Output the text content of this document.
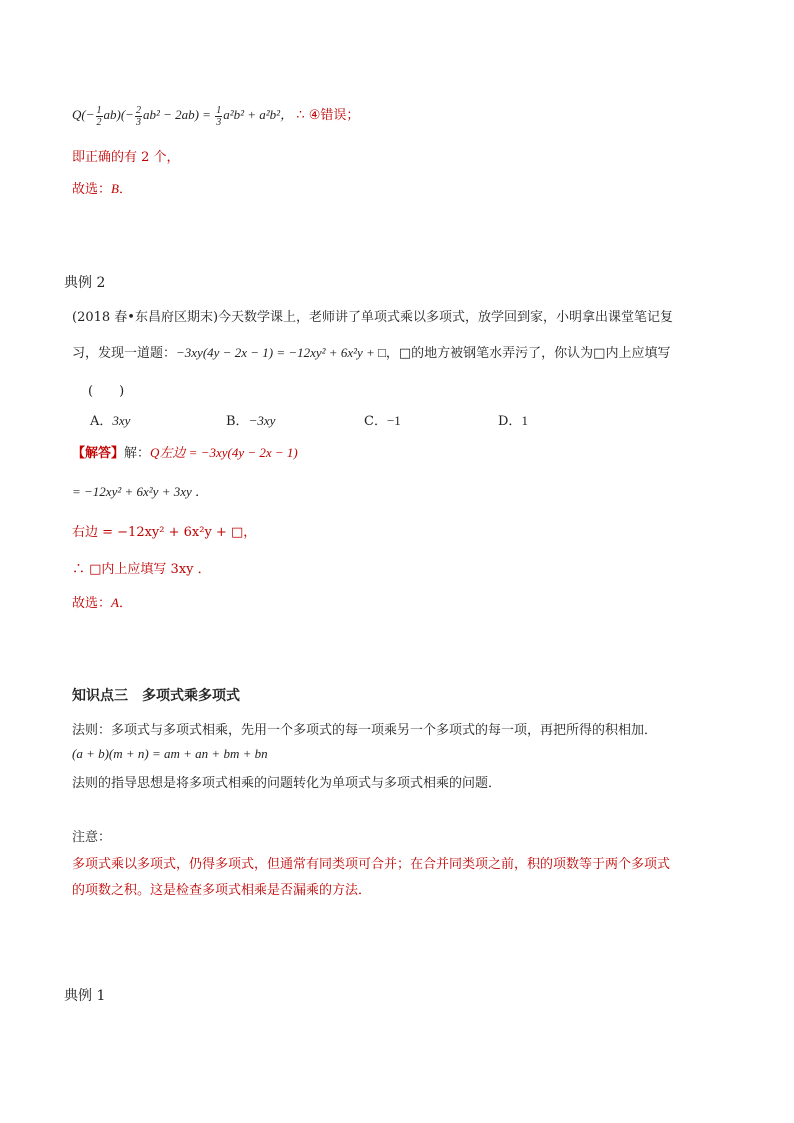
$Q(- \frac{1}{2} ab)(- \frac{2}{3} ab^2 - 2ab) = \frac{1}{3} a^2b^2 + a^2b^2$， ∴ ④错误；
即正确的有 2 个，
故选：B．
典例 2
(2018 春•东昌府区期末)今天数学课上，老师讲了单项式乘以多项式，放学回到家，小明拿出课堂笔记复
习，发现一道题：−3xy(4y − 2x − 1) = −12xy² + 6x²y + □，□的地方被钢笔水弄污了，你认为□内上应填写
(　　)
A．3xy	B．−3xy	C．−1	D．1
【解答】解：Q左边 = −3xy(4y − 2x − 1)
= −12xy² + 6x²y + 3xy ．
右边 = −12xy² + 6x²y + □，
∴ □内上应填写 3xy ．
故选：A．
知识点三　多项式乘多项式
法则：多项式与多项式相乘，先用一个多项式的每一项乘另一个多项式的每一项，再把所得的积相加．
(a + b)(m + n) = am + an + bm + bn
法则的指导思想是将多项式相乘的问题转化为单项式与多项式相乘的问题．
注意：
多项式乘以多项式，仍得多项式，但通常有同类项可合并；在合并同类项之前，积的项数等于两个多项式
的项数之积。这是检查多项式相乘是否漏乘的方法．
典例 1
